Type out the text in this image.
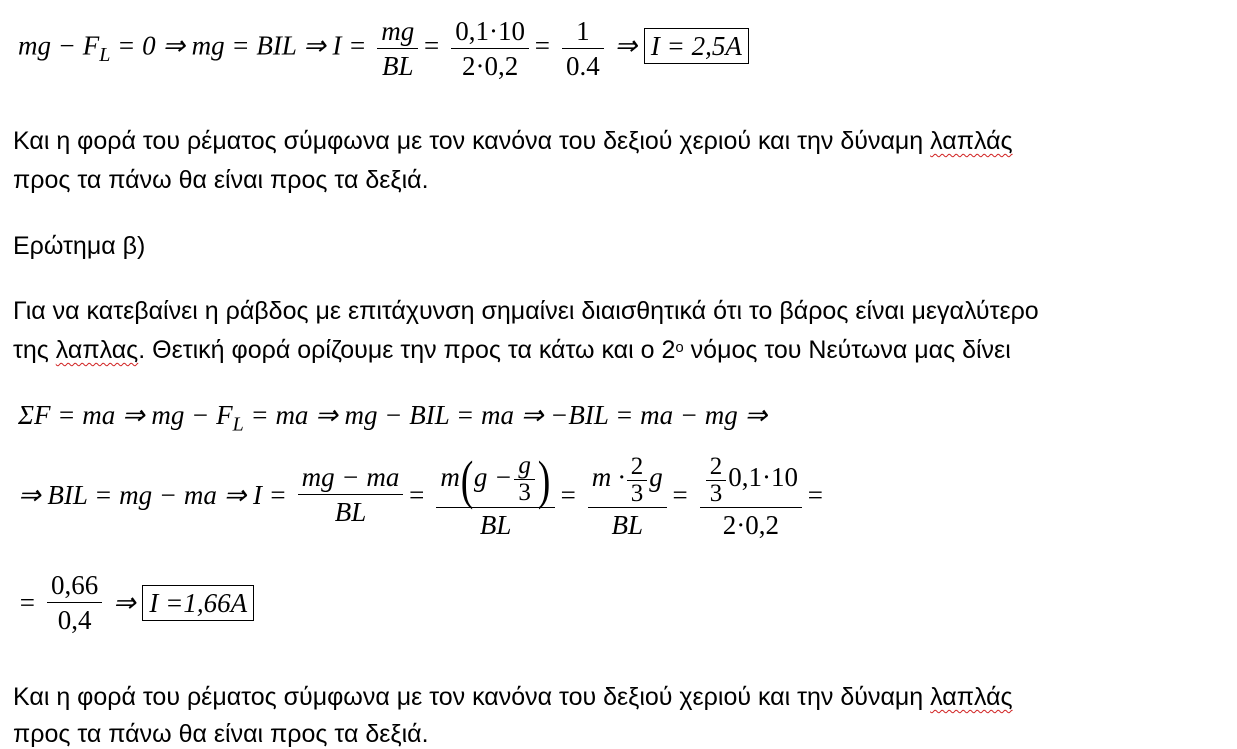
mg − $F_L = 0$ ⇒ mg = BIL ⇒ $I = \frac{mg}{BL} = \frac{0,1\cdot 10}{2\cdot 0,2} = \frac{1}{0.4}$ ⇒ I = 2,5A
Και η φορά του ρέματος σύμφωνα με τον κανόνα του δεξιού χεριού και την δύναμη λαπλάς
προς τα πάνω θα είναι προς τα δεξιά.
Ερώτημα β)
Για να κατεβαίνει η ράβδος με επιτάχυνση σημαίνει διαισθητικά ότι το βάρος είναι μεγαλύτερο
της λαπλας. Θετική φορά ορίζουμε την προς τα κάτω και ο $2^o$ νόμος του Νεύτωνα μας δίνει
ΣF = ma ⇒ mg − $F_L$ = ma ⇒ mg − BIL = ma ⇒ −BIL = ma − mg ⇒
⇒ BIL = mg − ma ⇒ $I = \frac{mg - ma}{BL} = \frac{m(g - \frac{g}{3} )}{BL} = \frac{m \cdot \frac{2}{3} g}{BL} = \frac{\frac{2}{3} 0,1\cdot 10}{2\cdot 0,2}$ =
= $\frac{0,66}{0,4}$ ⇒ I =1,66A
Και η φορά του ρέματος σύμφωνα με τον κανόνα του δεξιού χεριού και την δύναμη λαπλάς
προς τα πάνω θα είναι προς τα δεξιά.
